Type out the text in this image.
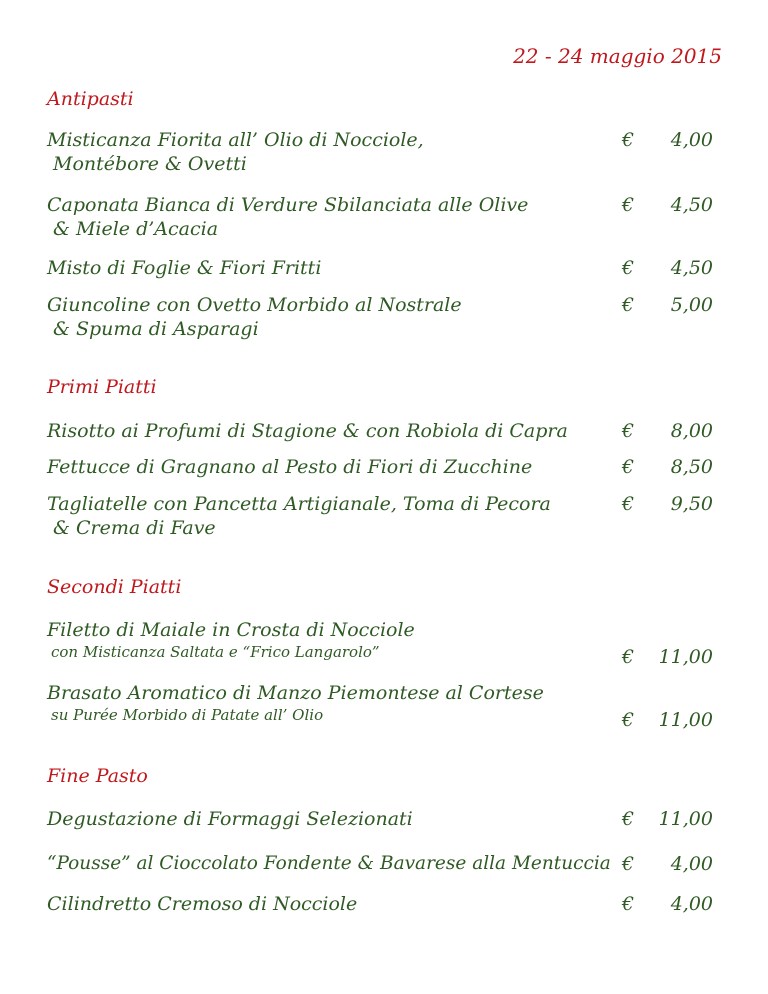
22 - 24 maggio 2015
Antipasti
Misticanza Fiorita all’ Olio di Nocciole,
Montébore & Ovetti
€ 4,00
Caponata Bianca di Verdure Sbilanciata alle Olive
& Miele d’Acacia
€ 4,50
Misto di Foglie & Fiori Fritti	€ 4,50
Giuncoline con Ovetto Morbido al Nostrale
& Spuma di Asparagi
€ 5,00
Primi Piatti
Risotto ai Profumi di Stagione & con Robiola di Capra	€ 8,00
Fettucce di Gragnano al Pesto di Fiori di Zucchine	€ 8,50
Tagliatelle con Pancetta Artigianale, Toma di Pecora
& Crema di Fave
€ 9,50
Secondi Piatti
Filetto di Maiale in Crosta di Nocciole
con Misticanza Saltata e “Frico Langarolo”	€ 11,00
Brasato Aromatico di Manzo Piemontese al Cortese
su Purée Morbido di Patate all’ Olio	€ 11,00
Fine Pasto
Degustazione di Formaggi Selezionati	€ 11,00
“Pousse” al Cioccolato Fondente & Bavarese alla Mentuccia € 4,00
Cilindretto Cremoso di Nocciole	€ 4,00
